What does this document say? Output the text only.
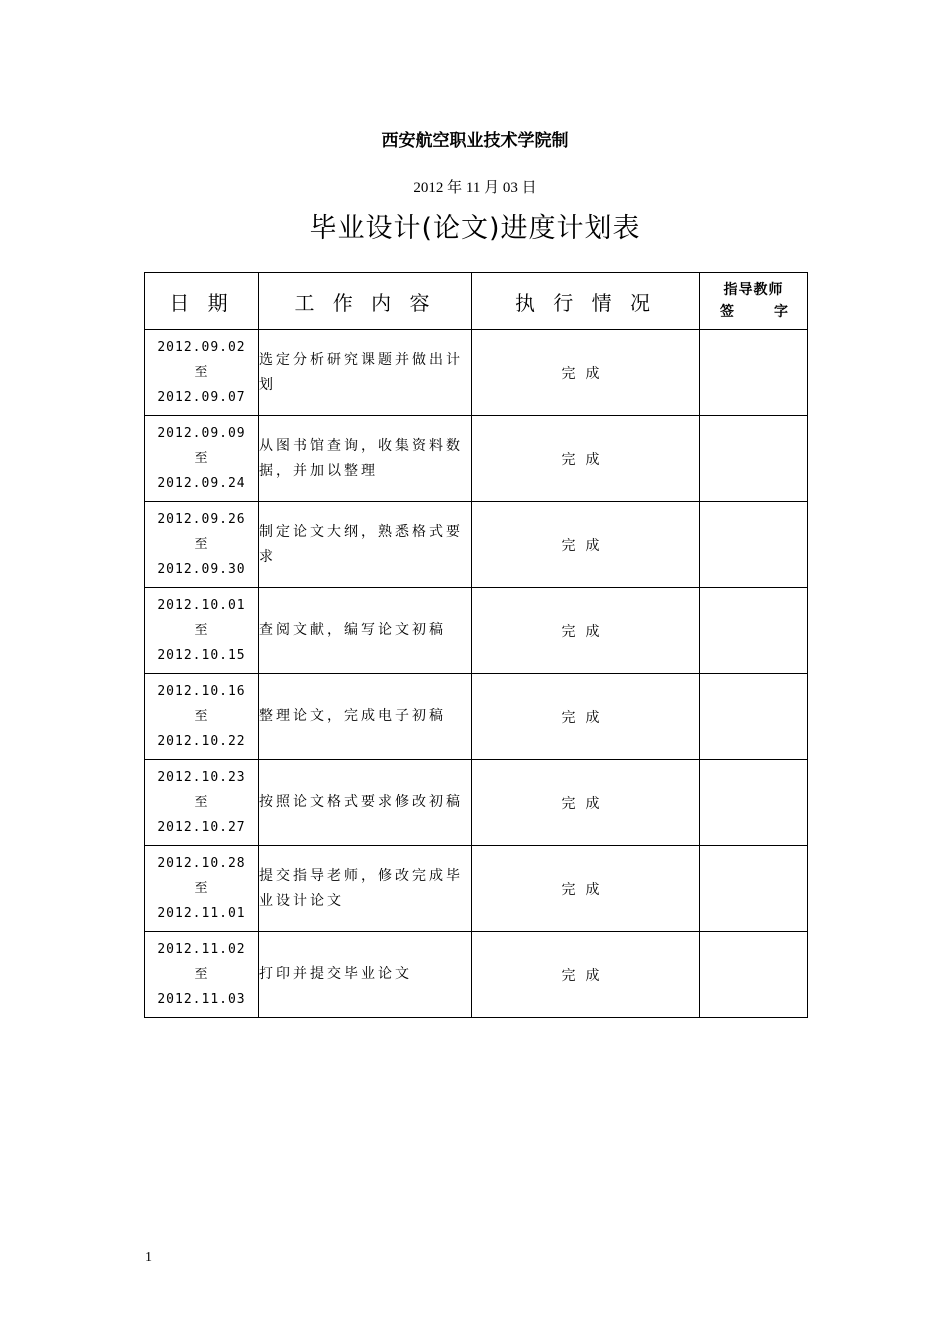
西安航空职业技术学院制
2012 年 11 月 03 日
毕业设计(论文)进度计划表
日 期	工 作 内 容	执 行 情 况	指导教师
签 字

2012.09.02
至
2012.09.07	选定分析研究课题并做出计划	完成	

2012.09.09
至
2012.09.24	从图书馆查询，收集资料数据，并加以整理	完成	

2012.09.26
至
2012.09.30	制定论文大纲，熟悉格式要求	完成	

2012.10.01
至
2012.10.15	查阅文献，编写论文初稿	完成	

2012.10.16
至
2012.10.22	整理论文，完成电子初稿	完成	

2012.10.23
至
2012.10.27	按照论文格式要求修改初稿	完成	

2012.10.28
至
2012.11.01	提交指导老师，修改完成毕业设计论文	完成	

2012.11.02
至
2012.11.03	打印并提交毕业论文	完成	
1
